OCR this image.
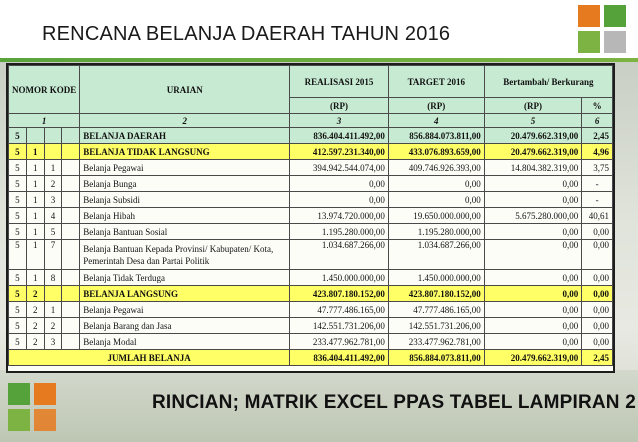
RENCANA BELANJA DAERAH TAHUN 2016
NOMOR KODE				URAIAN	REALISASI 2015	TARGET 2016	Bertambah/ Berkurang	
					(RP)	(RP)	(RP)	%
1				2	3	4	5	6
5				BELANJA DAERAH	836.404.411.492,00	856.884.073.811,00	20.479.662.319,00	2,45
5	1			BELANJA TIDAK LANGSUNG	412.597.231.340,00	433.076.893.659,00	20.479.662.319,00	4,96
5	1	1		Belanja Pegawai	394.942.544.074,00	409.746.926.393,00	14.804.382.319,00	3,75
5	1	2		Belanja Bunga	0,00	0,00	0,00	-
5	1	3		Belanja Subsidi	0,00	0,00	0,00	-
5	1	4		Belanja Hibah	13.974.720.000,00	19.650.000.000,00	5.675.280.000,00	40,61
5	1	5		Belanja Bantuan Sosial	1.195.280.000,00	1.195.280.000,00	0,00	0,00
5	1	7		Belanja Bantuan Kepada Provinsi/ Kabupaten/ Kota, Pemerintah Desa dan Partai Politik	1.034.687.266,00	1.034.687.266,00	0,00	0,00
5	1	8		Belanja Tidak Terduga	1.450.000.000,00	1.450.000.000,00	0,00	0,00
5	2			BELANJA LANGSUNG	423.807.180.152,00	423.807.180.152,00	0,00	0,00
5	2	1		Belanja Pegawai	47.777.486.165,00	47.777.486.165,00	0,00	0,00
5	2	2		Belanja Barang dan Jasa	142.551.731.206,00	142.551.731.206,00	0,00	0,00
5	2	3		Belanja Modal	233.477.962.781,00	233.477.962.781,00	0,00	0,00
JUMLAH BELANJA					836.404.411.492,00	856.884.073.811,00	20.479.662.319,00	2,45
RINCIAN; MATRIK EXCEL PPAS TABEL LAMPIRAN 2
